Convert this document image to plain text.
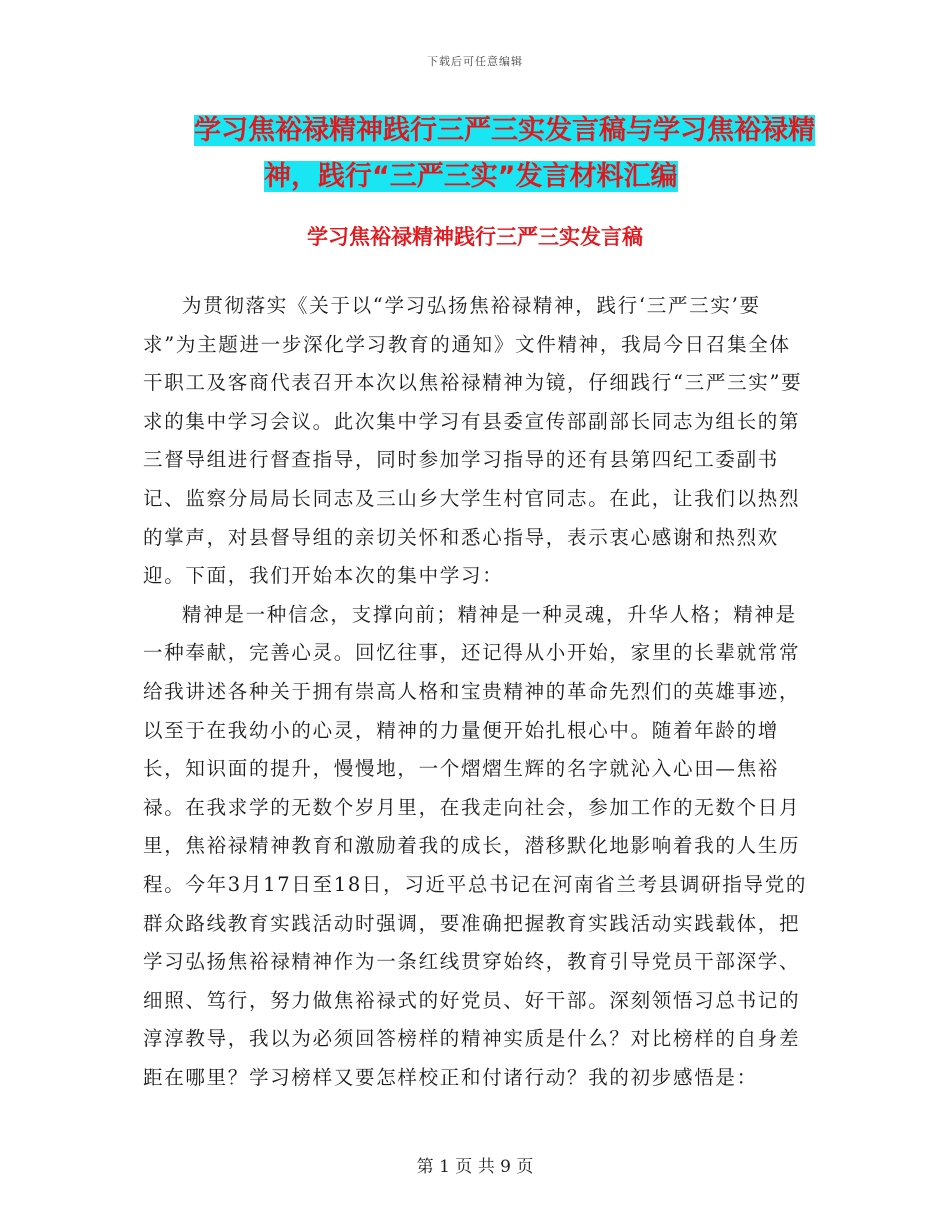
下载后可任意编辑
学习焦裕禄精神践行三严三实发言稿与学习焦裕禄精
神，践行“三严三实”发言材料汇编
学习焦裕禄精神践行三严三实发言稿

为贯彻落实《关于以“学习弘扬焦裕禄精神，践行‘三严三实’要求”为主题进一步深化学习教育的通知》文件精神，我局今日召集全体干职工及客商代表召开本次以焦裕禄精神为镜，仔细践行“三严三实”要求的集中学习会议。此次集中学习有县委宣传部副部长同志为组长的第三督导组进行督查指导，同时参加学习指导的还有县第四纪工委副书记、监察分局局长同志及三山乡大学生村官同志。在此，让我们以热烈的掌声，对县督导组的亲切关怀和悉心指导，表示衷心感谢和热烈欢迎。下面，我们开始本次的集中学习：

精神是一种信念，支撑向前；精神是一种灵魂，升华人格；精神是一种奉献，完善心灵。回忆往事，还记得从小开始，家里的长辈就常常给我讲述各种关于拥有崇高人格和宝贵精神的革命先烈们的英雄事迹，以至于在我幼小的心灵，精神的力量便开始扎根心中。随着年龄的增长，知识面的提升，慢慢地，一个熠熠生辉的名字就沁入心田—焦裕禄。在我求学的无数个岁月里，在我走向社会，参加工作的无数个日月里，焦裕禄精神教育和激励着我的成长，潜移默化地影响着我的人生历程。今年3月17日至18日，习近平总书记在河南省兰考县调研指导党的群众路线教育实践活动时强调，要准确把握教育实践活动实践载体，把学习弘扬焦裕禄精神作为一条红线贯穿始终，教育引导党员干部深学、细照、笃行，努力做焦裕禄式的好党员、好干部。深刻领悟习总书记的淳淳教导，我以为必须回答榜样的精神实质是什么？对比榜样的自身差距在哪里？学习榜样又要怎样校正和付诸行动？我的初步感悟是：

第 1 页 共 9 页
